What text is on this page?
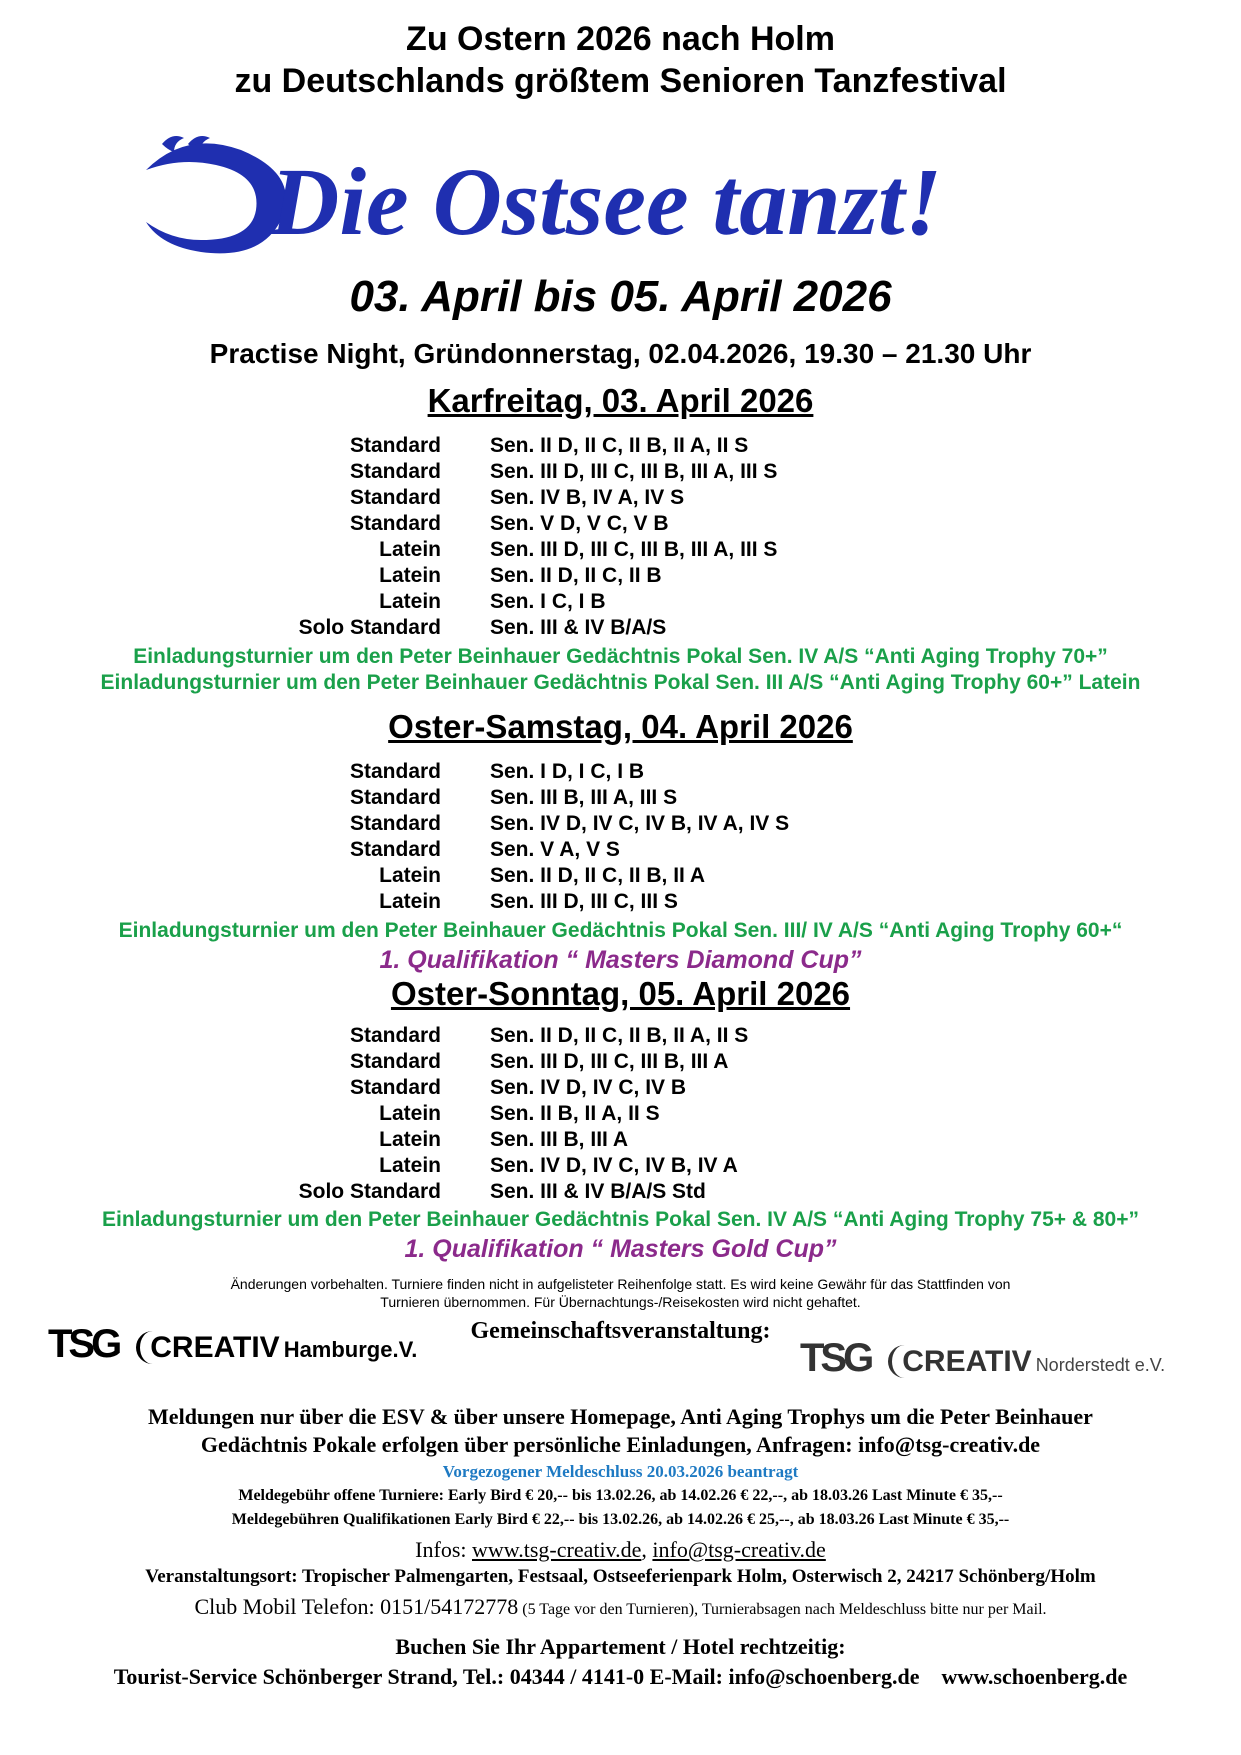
Zu Ostern 2026 nach Holm
zu Deutschlands größtem Senioren Tanzfestival
Die Ostsee tanzt!
03. April bis 05. April 2026
Practise Night, Gründonnerstag, 02.04.2026, 19.30 – 21.30 Uhr
Karfreitag, 03. April 2026
Standard Sen. II D, II C, II B, II A, II S
Standard Sen. III D, III C, III B, III A, III S
Standard Sen. IV B, IV A, IV S
Standard Sen. V D, V C, V B
Latein Sen. III D, III C, III B, III A, III S
Latein Sen. II D, II C, II B
Latein Sen. I C, I B
Solo Standard Sen. III & IV B/A/S
Einladungsturnier um den Peter Beinhauer Gedächtnis Pokal Sen. IV A/S “Anti Aging Trophy 70+”
Einladungsturnier um den Peter Beinhauer Gedächtnis Pokal Sen. III A/S “Anti Aging Trophy 60+” Latein
Oster-Samstag, 04. April 2026
Standard Sen. I D, I C, I B
Standard Sen. III B, III A, III S
Standard Sen. IV D, IV C, IV B, IV A, IV S
Standard Sen. V A, V S
Latein Sen. II D, II C, II B, II A
Latein Sen. III D, III C, III S
Einladungsturnier um den Peter Beinhauer Gedächtnis Pokal Sen. III/ IV A/S “Anti Aging Trophy 60+“
1. Qualifikation “ Masters Diamond Cup”
Oster-Sonntag, 05. April 2026
Standard Sen. II D, II C, II B, II A, II S
Standard Sen. III D, III C, III B, III A
Standard Sen. IV D, IV C, IV B
Latein Sen. II B, II A, II S
Latein Sen. III B, III A
Latein Sen. IV D, IV C, IV B, IV A
Solo Standard Sen. III & IV B/A/S Std
Einladungsturnier um den Peter Beinhauer Gedächtnis Pokal Sen. IV A/S “Anti Aging Trophy 75+ & 80+”
1. Qualifikation “ Masters Gold Cup”
Änderungen vorbehalten. Turniere finden nicht in aufgelisteter Reihenfolge statt. Es wird keine Gewähr für das Stattfinden von
Turnieren übernommen. Für Übernachtungs-/Reisekosten wird nicht gehaftet.
Gemeinschaftsveranstaltung:
TSG CREATIV Hamburge.V.	TSG CREATIV Norderstedt e.V.
Meldungen nur über die ESV & über unsere Homepage, Anti Aging Trophys um die Peter Beinhauer
Gedächtnis Pokale erfolgen über persönliche Einladungen, Anfragen: info@tsg-creativ.de
Vorgezogener Meldeschluss 20.03.2026 beantragt
Meldegebühr offene Turniere: Early Bird € 20,-- bis 13.02.26, ab 14.02.26 € 22,--, ab 18.03.26 Last Minute € 35,--
Meldegebühren Qualifikationen Early Bird € 22,-- bis 13.02.26, ab 14.02.26 € 25,--, ab 18.03.26 Last Minute € 35,--
Infos: www.tsg-creativ.de, info@tsg-creativ.de
Veranstaltungsort: Tropischer Palmengarten, Festsaal, Ostseeferienpark Holm, Osterwisch 2, 24217 Schönberg/Holm
Club Mobil Telefon: 0151/54172778 (5 Tage vor den Turnieren), Turnierabsagen nach Meldeschluss bitte nur per Mail.
Buchen Sie Ihr Appartement / Hotel rechtzeitig:
Tourist-Service Schönberger Strand, Tel.: 04344 / 4141-0 E-Mail: info@schoenberg.de    www.schoenberg.de
